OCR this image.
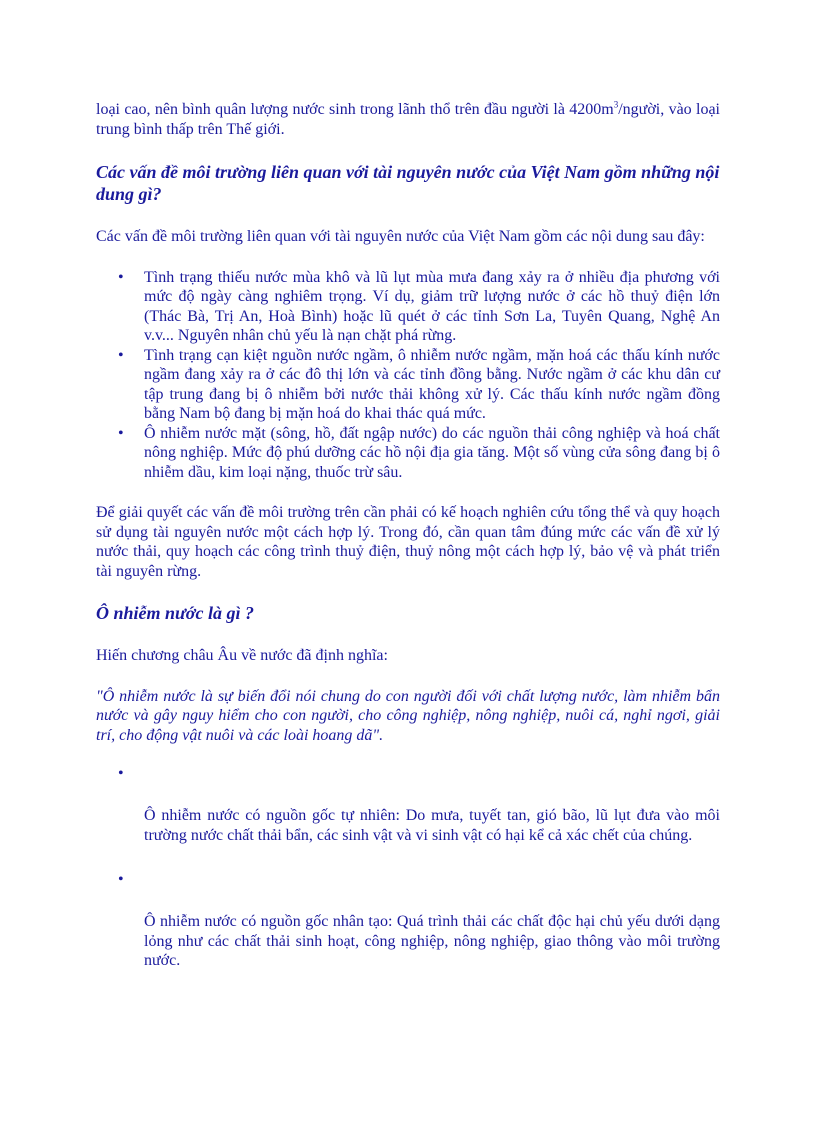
loại cao, nên bình quân lượng nước sinh trong lãnh thổ trên đầu người là $4200m^3$/người, vào loại trung bình thấp trên Thế giới.

Các vấn đề môi trường liên quan với tài nguyên nước của Việt Nam gồm những nội dung gì?

Các vấn đề môi trường liên quan với tài nguyên nước của Việt Nam gồm các nội dung sau đây:

• Tình trạng thiếu nước mùa khô và lũ lụt mùa mưa đang xảy ra ở nhiều địa phương với mức độ ngày càng nghiêm trọng. Ví dụ, giảm trữ lượng nước ở các hồ thuỷ điện lớn (Thác Bà, Trị An, Hoà Bình) hoặc lũ quét ở các tỉnh Sơn La, Tuyên Quang, Nghệ An v.v... Nguyên nhân chủ yếu là nạn chặt phá rừng.

• Tình trạng cạn kiệt nguồn nước ngầm, ô nhiễm nước ngầm, mặn hoá các thấu kính nước ngầm đang xảy ra ở các đô thị lớn và các tỉnh đồng bằng. Nước ngầm ở các khu dân cư tập trung đang bị ô nhiễm bởi nước thải không xử lý. Các thấu kính nước ngầm đồng bằng Nam bộ đang bị mặn hoá do khai thác quá mức.

• Ô nhiễm nước mặt (sông, hồ, đất ngập nước) do các nguồn thải công nghiệp và hoá chất nông nghiệp. Mức độ phú dưỡng các hồ nội địa gia tăng. Một số vùng cửa sông đang bị ô nhiễm dầu, kim loại nặng, thuốc trừ sâu.

Để giải quyết các vấn đề môi trường trên cần phải có kế hoạch nghiên cứu tổng thể và quy hoạch sử dụng tài nguyên nước một cách hợp lý. Trong đó, cần quan tâm đúng mức các vấn đề xử lý nước thải, quy hoạch các công trình thuỷ điện, thuỷ nông một cách hợp lý, bảo vệ và phát triển tài nguyên rừng.

Ô nhiễm nước là gì ?

Hiến chương châu Âu về nước đã định nghĩa:

"Ô nhiễm nước là sự biến đổi nói chung do con người đối với chất lượng nước, làm nhiễm bẩn nước và gây nguy hiểm cho con người, cho công nghiệp, nông nghiệp, nuôi cá, nghỉ ngơi, giải trí, cho động vật nuôi và các loài hoang dã".

•

Ô nhiễm nước có nguồn gốc tự nhiên: Do mưa, tuyết tan, gió bão, lũ lụt đưa vào môi trường nước chất thải bẩn, các sinh vật và vi sinh vật có hại kể cả xác chết của chúng.

•

Ô nhiễm nước có nguồn gốc nhân tạo: Quá trình thải các chất độc hại chủ yếu dưới dạng lỏng như các chất thải sinh hoạt, công nghiệp, nông nghiệp, giao thông vào môi trường nước.
